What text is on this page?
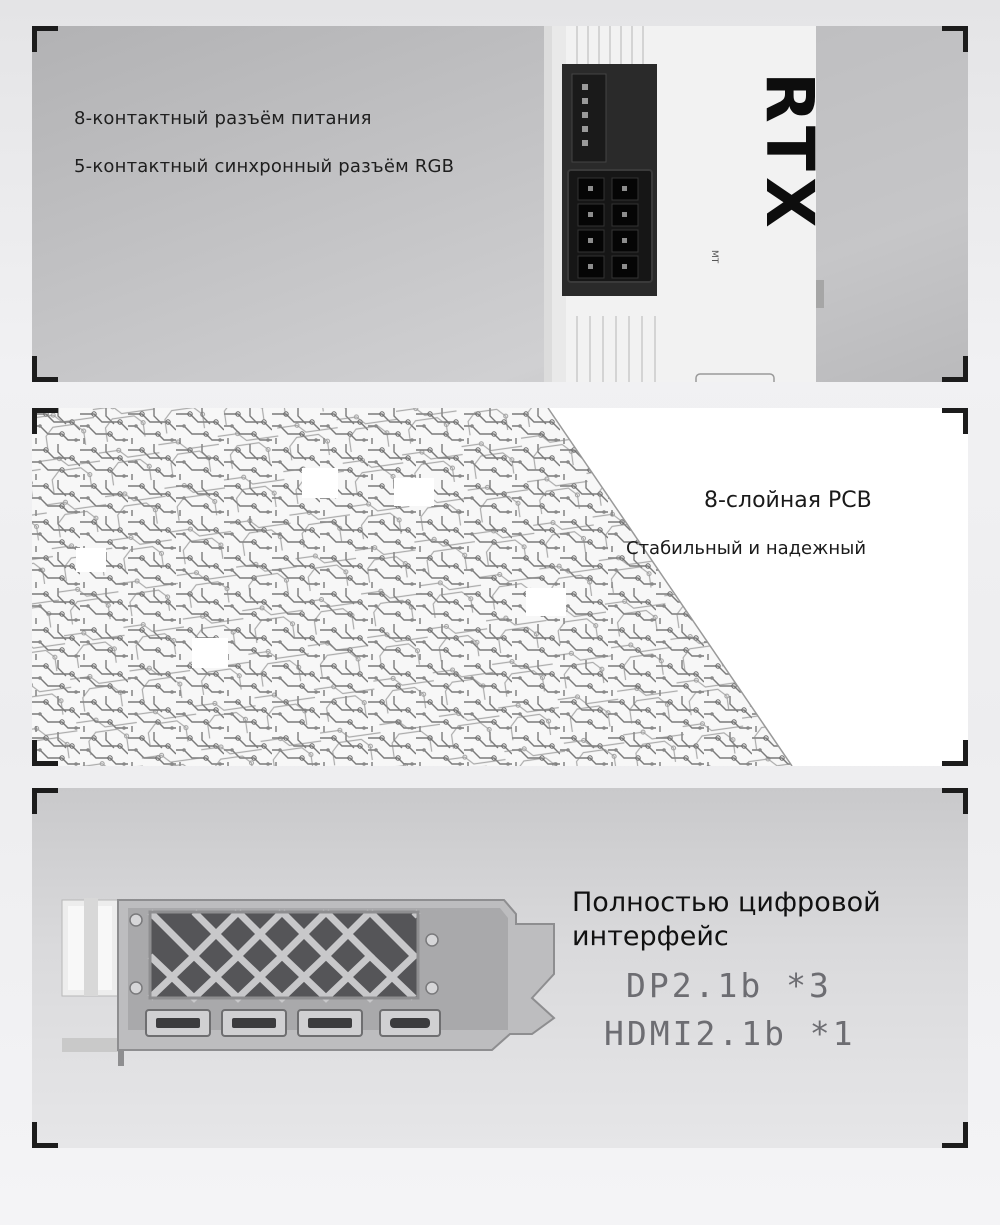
8-контактный разъём питания
5-контактный синхронный разъём RGB	RTX
MT
8-слойная PCB
Стабильный и надежный
Полностью цифровой интерфейс
DP2.1b *3
HDMI2.1b *1
